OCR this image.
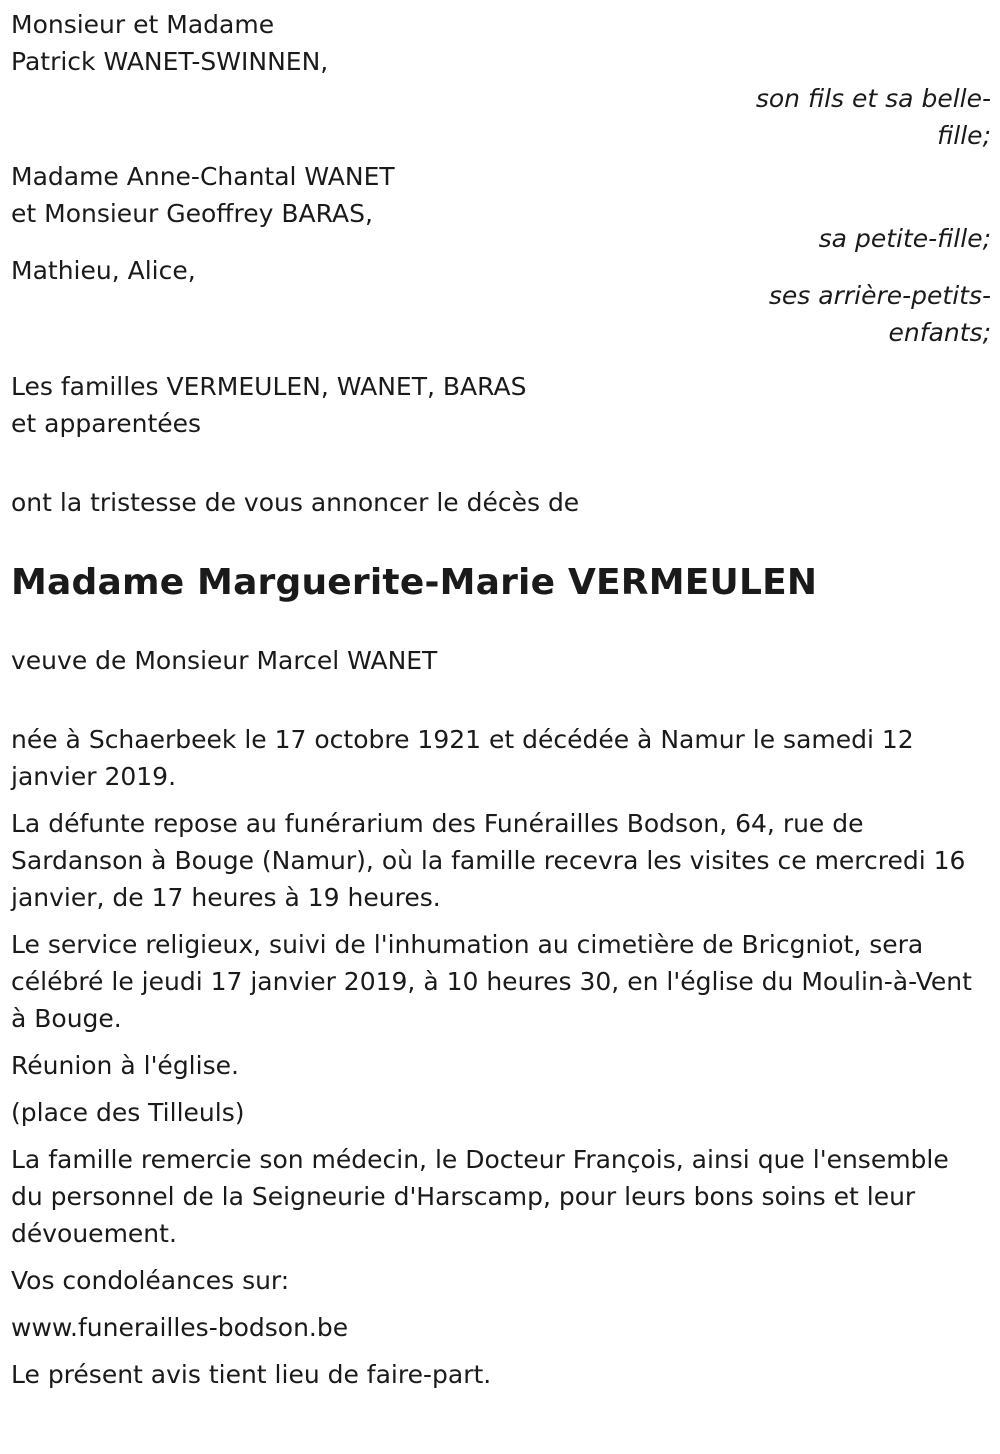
Monsieur et Madame
Patrick WANET-SWINNEN,
son fils et sa belle-fille;
Madame Anne-Chantal WANET
et Monsieur Geoffrey BARAS,
sa petite-fille;
Mathieu, Alice,
ses arrière-petits-enfants;
Les familles VERMEULEN, WANET, BARAS
et apparentées
ont la tristesse de vous annoncer le décès de
Madame Marguerite-Marie VERMEULEN
veuve de Monsieur Marcel WANET
née à Schaerbeek le 17 octobre 1921 et décédée à Namur le samedi 12 janvier 2019.
La défunte repose au funérarium des Funérailles Bodson, 64, rue de Sardanson à Bouge (Namur), où la famille recevra les visites ce mercredi 16 janvier, de 17 heures à 19 heures.
Le service religieux, suivi de l'inhumation au cimetière de Bricgniot, sera célébré le jeudi 17 janvier 2019, à 10 heures 30, en l'église du Moulin-à-Vent à Bouge.
Réunion à l'église.
(place des Tilleuls)
La famille remercie son médecin, le Docteur François, ainsi que l'ensemble du personnel de la Seigneurie d'Harscamp, pour leurs bons soins et leur dévouement.
Vos condoléances sur:
www.funerailles-bodson.be
Le présent avis tient lieu de faire-part.
